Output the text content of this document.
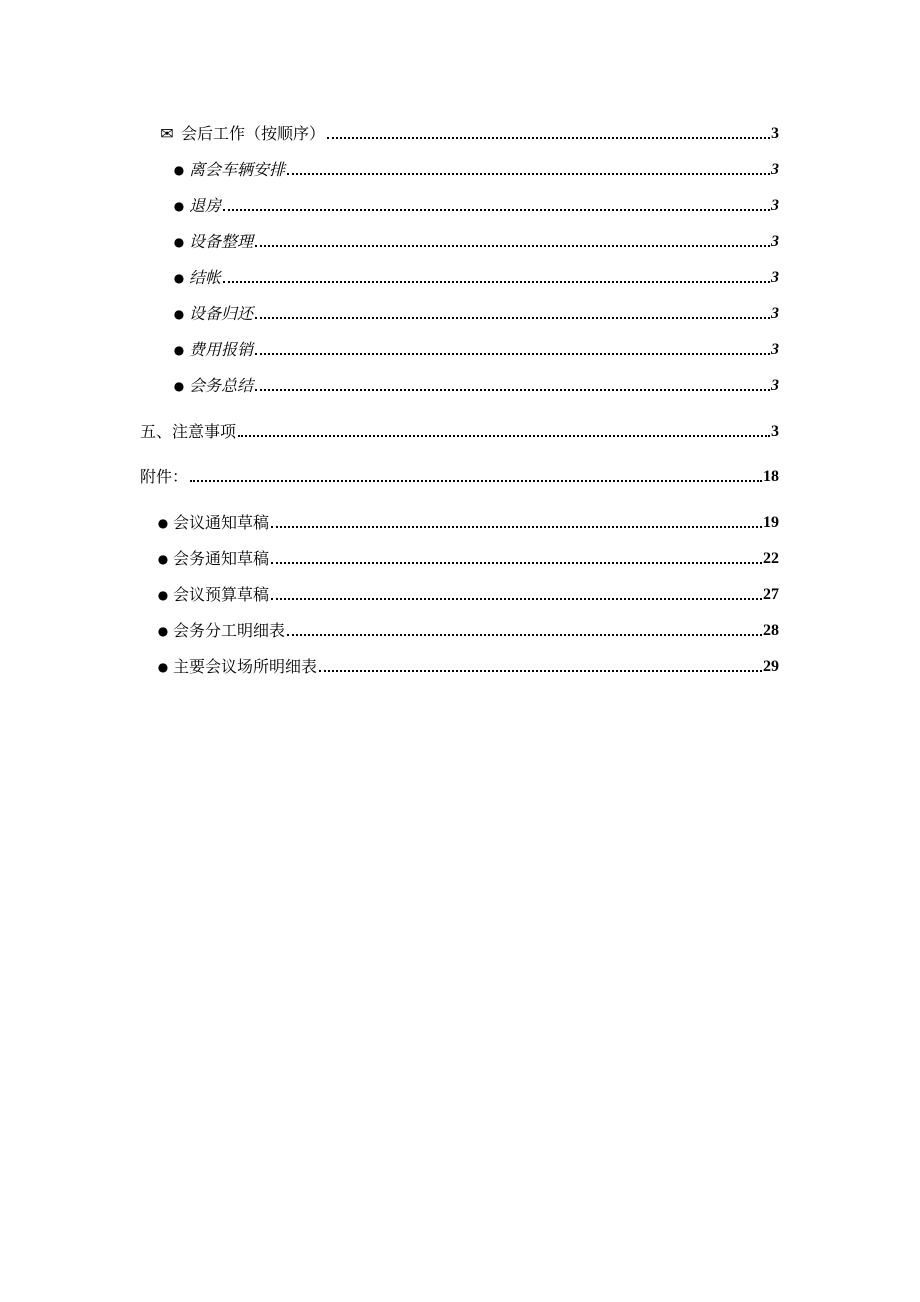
✉ 会后工作（按顺序）	3
● 离会车辆安排	3
● 退房	3
● 设备整理	3
● 结帐	3
● 设备归还	3
● 费用报销	3
● 会务总结	3
五、注意事项	3
附件：	18
● 会议通知草稿	19
● 会务通知草稿	22
● 会议预算草稿	27
● 会务分工明细表	28
● 主要会议场所明细表	29
